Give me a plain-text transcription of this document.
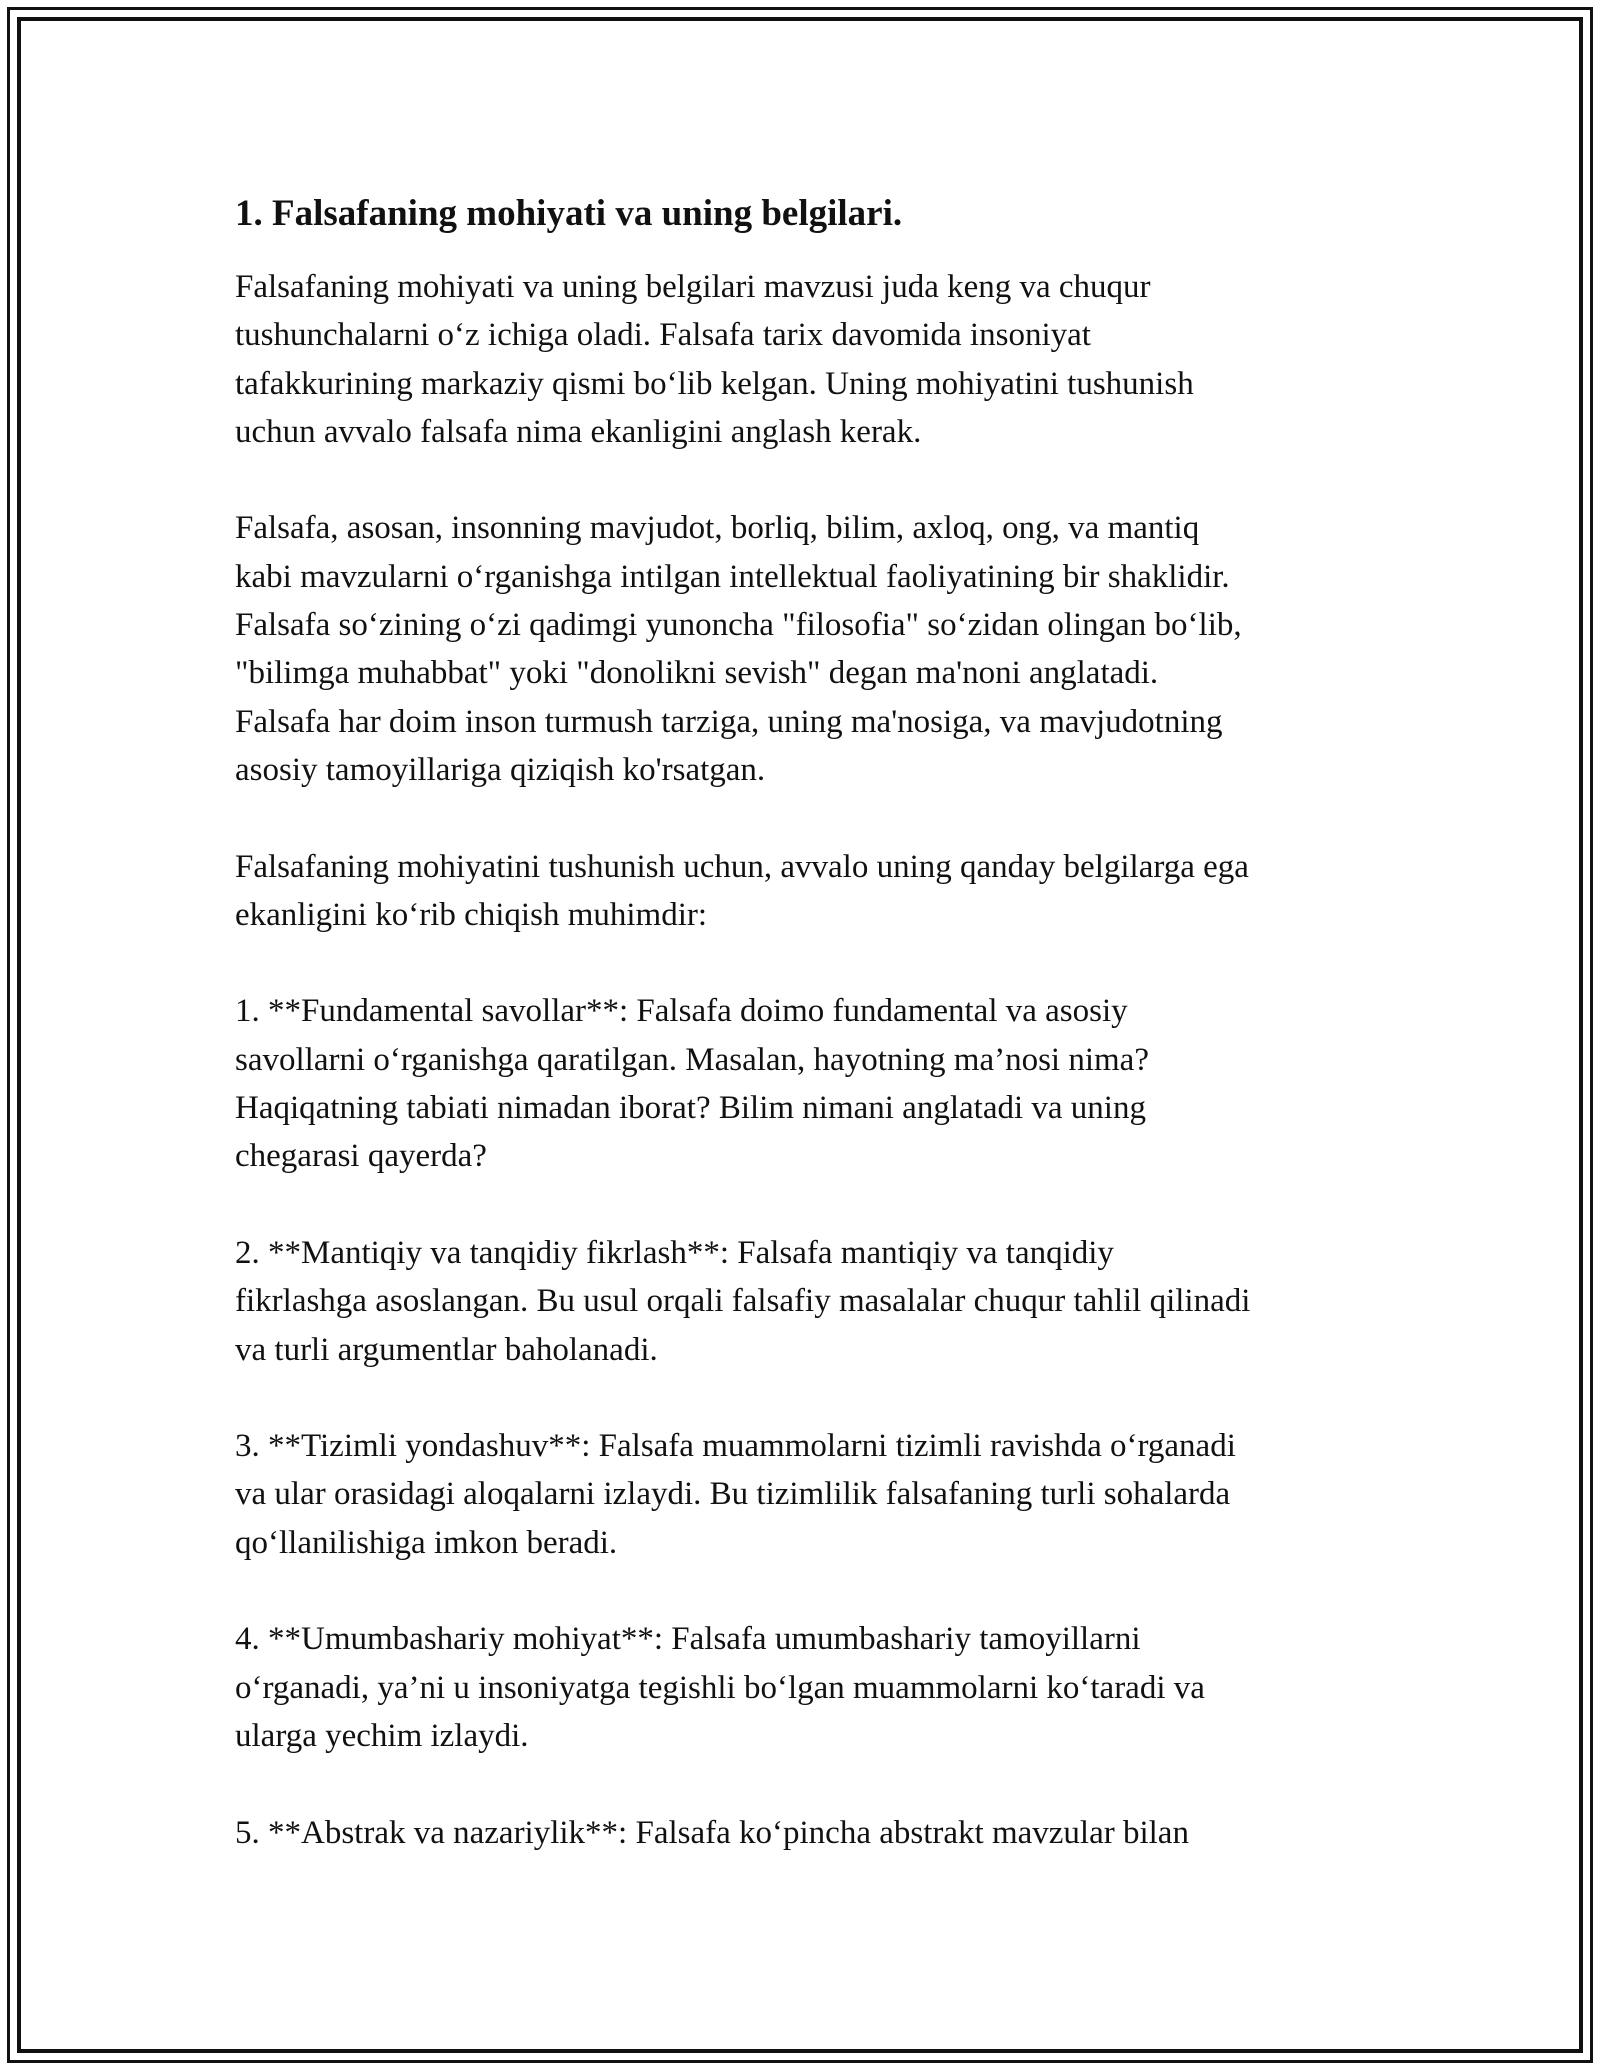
1. Falsafaning mohiyati va uning belgilari.

Falsafaning mohiyati va uning belgilari mavzusi juda keng va chuqur
tushunchalarni o‘z ichiga oladi. Falsafa tarix davomida insoniyat
tafakkurining markaziy qismi bo‘lib kelgan. Uning mohiyatini tushunish
uchun avvalo falsafa nima ekanligini anglash kerak.

Falsafa, asosan, insonning mavjudot, borliq, bilim, axloq, ong, va mantiq
kabi mavzularni o‘rganishga intilgan intellektual faoliyatining bir shaklidir.
Falsafa so‘zining o‘zi qadimgi yunoncha "filosofia" so‘zidan olingan bo‘lib,
"bilimga muhabbat" yoki "donolikni sevish" degan ma'noni anglatadi.
Falsafa har doim inson turmush tarziga, uning ma'nosiga, va mavjudotning
asosiy tamoyillariga qiziqish ko'rsatgan.

Falsafaning mohiyatini tushunish uchun, avvalo uning qanday belgilarga ega
ekanligini ko‘rib chiqish muhimdir:

1. **Fundamental savollar**: Falsafa doimo fundamental va asosiy
savollarni o‘rganishga qaratilgan. Masalan, hayotning ma’nosi nima?
Haqiqatning tabiati nimadan iborat? Bilim nimani anglatadi va uning
chegarasi qayerda?

2. **Mantiqiy va tanqidiy fikrlash**: Falsafa mantiqiy va tanqidiy
fikrlashga asoslangan. Bu usul orqali falsafiy masalalar chuqur tahlil qilinadi
va turli argumentlar baholanadi.

3. **Tizimli yondashuv**: Falsafa muammolarni tizimli ravishda o‘rganadi
va ular orasidagi aloqalarni izlaydi. Bu tizimlilik falsafaning turli sohalarda
qo‘llanilishiga imkon beradi.

4. **Umumbashariy mohiyat**: Falsafa umumbashariy tamoyillarni
o‘rganadi, ya’ni u insoniyatga tegishli bo‘lgan muammolarni ko‘taradi va
ularga yechim izlaydi.

5. **Abstrak va nazariylik**: Falsafa ko‘pincha abstrakt mavzular bilan
